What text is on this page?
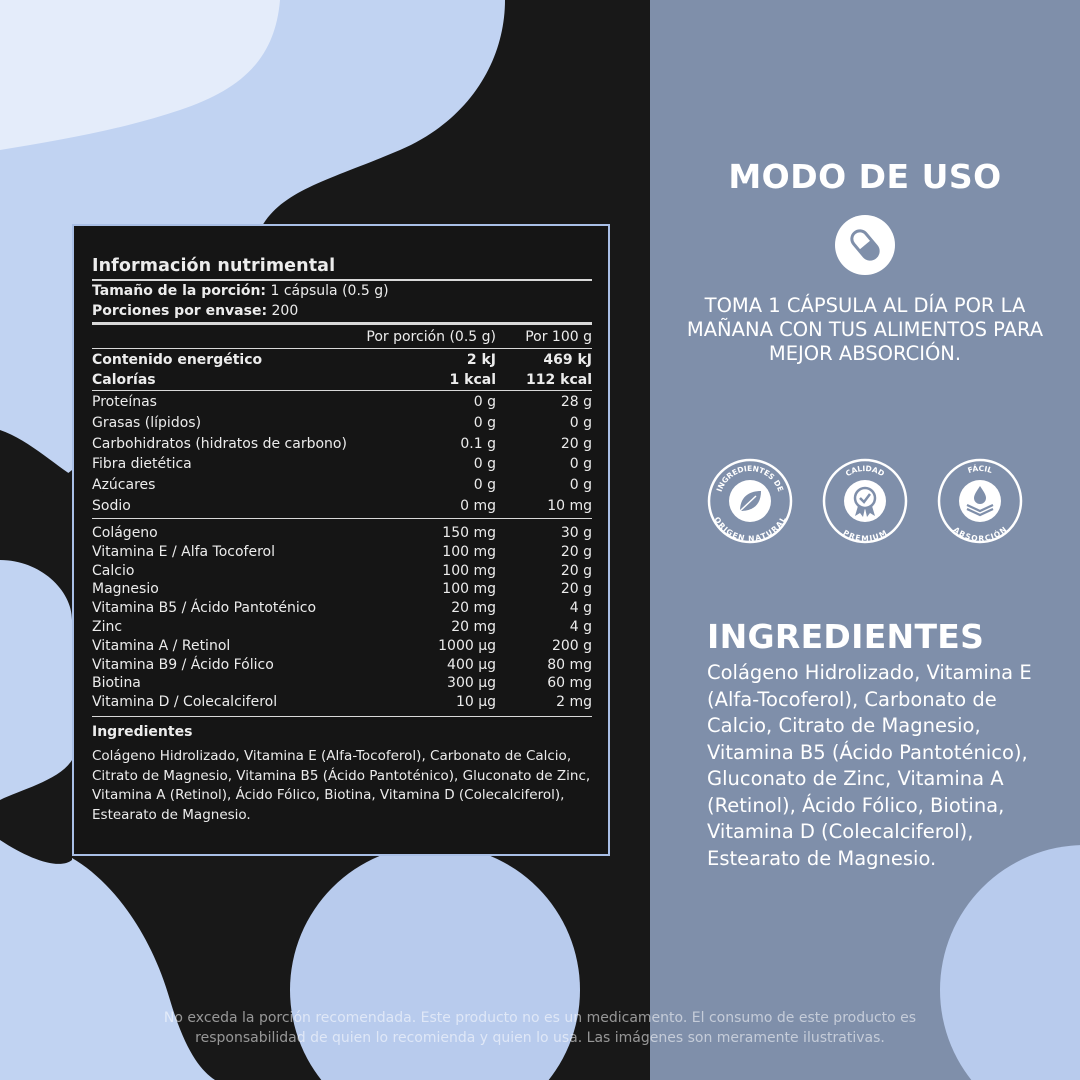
MODO DE USO
TOMA 1 CÁPSULA AL DÍA POR LA MAÑANA CON TUS ALIMENTOS PARA MEJOR ABSORCIÓN.
INGREDIENTES DE
ORIGEN NATURAL
CALIDAD
PREMIUM
FÁCIL
ABSORCIÓN
INGREDIENTES
Colágeno Hidrolizado, Vitamina E (Alfa-Tocoferol), Carbonato de Calcio, Citrato de Magnesio, Vitamina B5 (Ácido Pantoténico), Gluconato de Zinc, Vitamina A (Retinol), Ácido Fólico, Biotina, Vitamina D (Colecalciferol), Estearato de Magnesio.
Información nutrimental
Tamaño de la porción: 1 cápsula (0.5 g)
Porciones por envase: 200
Por porción (0.5 g) Por 100 g
Contenido energético	2 kJ	469 kJ
Calorías	1 kcal 112 kcal
Proteínas	0 g	28 g
Grasas (lípidos)	0 g	0 g
Carbohidratos (hidratos de carbono)	0.1 g	20 g
Fibra dietética	0 g	0 g
Azúcares	0 g	0 g
Sodio	0 mg	10 mg
Colágeno	150 mg	30 g
Vitamina E / Alfa Tocoferol	100 mg	20 g
Calcio	100 mg	20 g
Magnesio	100 mg	20 g
Vitamina B5 / Ácido Pantoténico	20 mg	4 g
Zinc	20 mg	4 g
Vitamina A / Retinol	1000 µg	200 g
Vitamina B9 / Ácido Fólico	400 µg	80 mg
Biotina	300 µg	60 mg
Vitamina D / Colecalciferol	10 µg	2 mg
Ingredientes
Colágeno Hidrolizado, Vitamina E (Alfa-Tocoferol), Carbonato de Calcio, Citrato de Magnesio, Vitamina B5 (Ácido Pantoténico), Gluconato de Zinc, Vitamina A (Retinol), Ácido Fólico, Biotina, Vitamina D (Colecalciferol), Estearato de Magnesio.
No exceda la porción recomendada. Este producto no es un medicamento. El consumo de este producto es
responsabilidad de quien lo recomienda y quien lo usa. Las imágenes son meramente ilustrativas.
